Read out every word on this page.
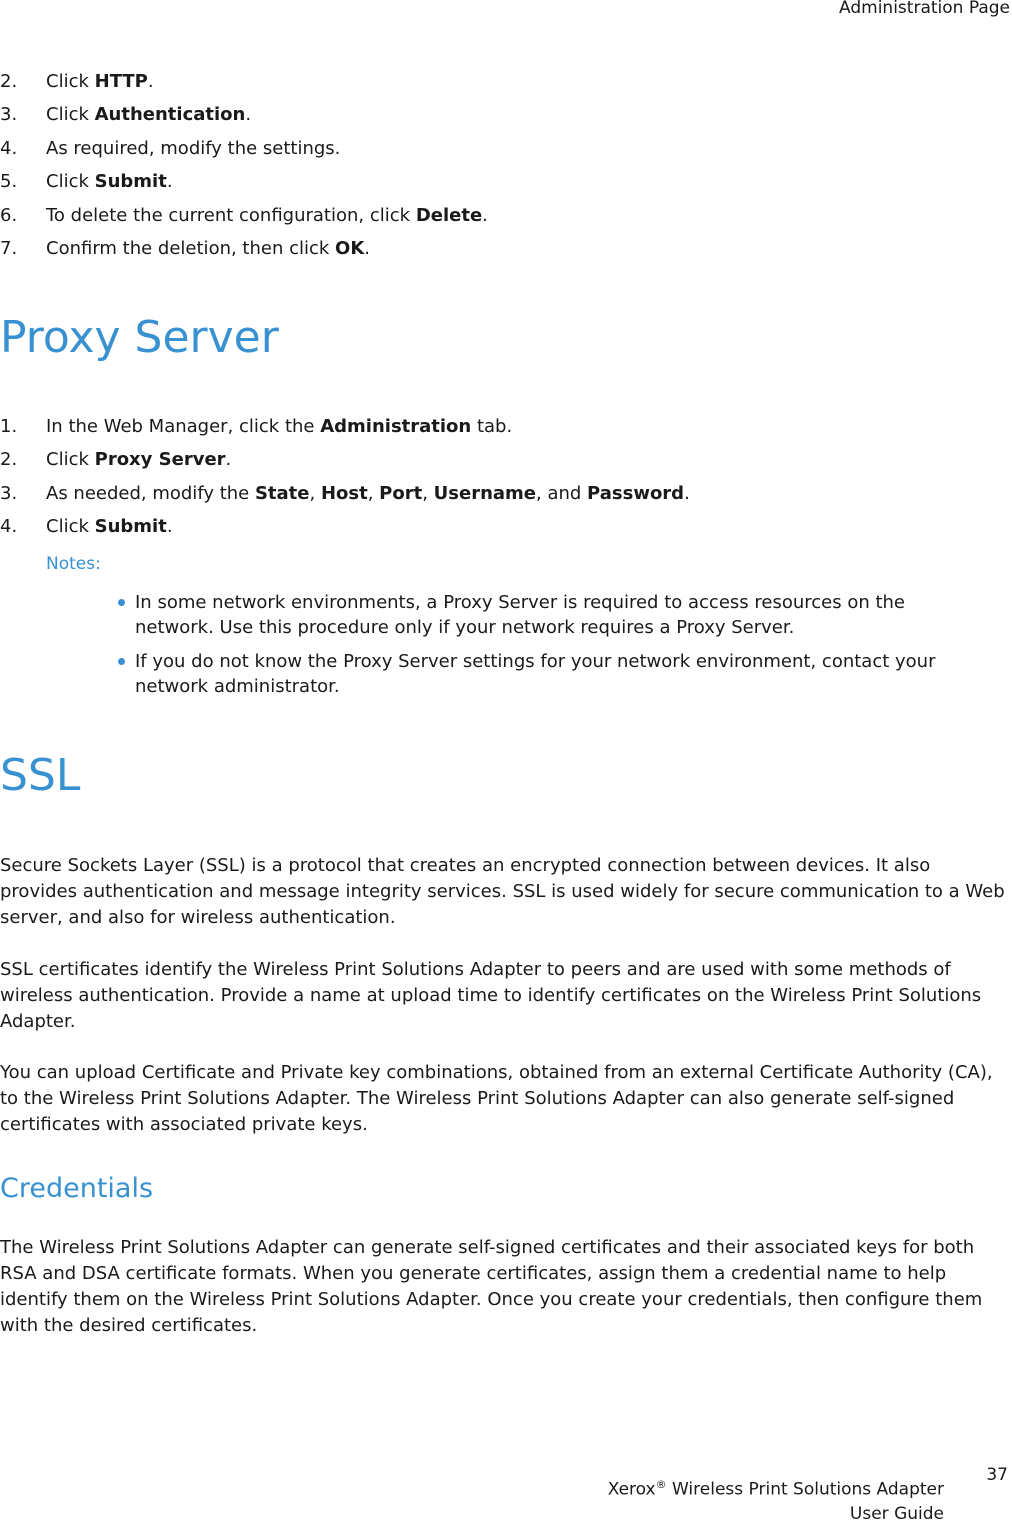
Administration Page
2.	Click HTTP.
3.	Click Authentication.
4.	As required, modify the settings.
5.	Click Submit.
6.	To delete the current configuration, click Delete.
7.	Confirm the deletion, then click OK.
Proxy Server
1.	In the Web Manager, click the Administration tab.
2.	Click Proxy Server.
3.	As needed, modify the State, Host, Port, Username, and Password.
4.	Click Submit.
Notes:
In some network environments, a Proxy Server is required to access resources on the network. Use this procedure only if your network requires a Proxy Server.
If you do not know the Proxy Server settings for your network environment, contact your network administrator.
SSL

Secure Sockets Layer (SSL) is a protocol that creates an encrypted connection between devices. It also provides authentication and message integrity services. SSL is used widely for secure communication to a Web server, and also for wireless authentication.

SSL certificates identify the Wireless Print Solutions Adapter to peers and are used with some methods of wireless authentication. Provide a name at upload time to identify certificates on the Wireless Print Solutions Adapter.

You can upload Certificate and Private key combinations, obtained from an external Certificate Authority (CA), to the Wireless Print Solutions Adapter. The Wireless Print Solutions Adapter can also generate self-signed certificates with associated private keys.

Credentials

The Wireless Print Solutions Adapter can generate self-signed certificates and their associated keys for both RSA and DSA certificate formats. When you generate certificates, assign them a credential name to help identify them on the Wireless Print Solutions Adapter. Once you create your credentials, then configure them with the desired certificates.

Xerox® Wireless Print Solutions Adapter
User Guide
37
